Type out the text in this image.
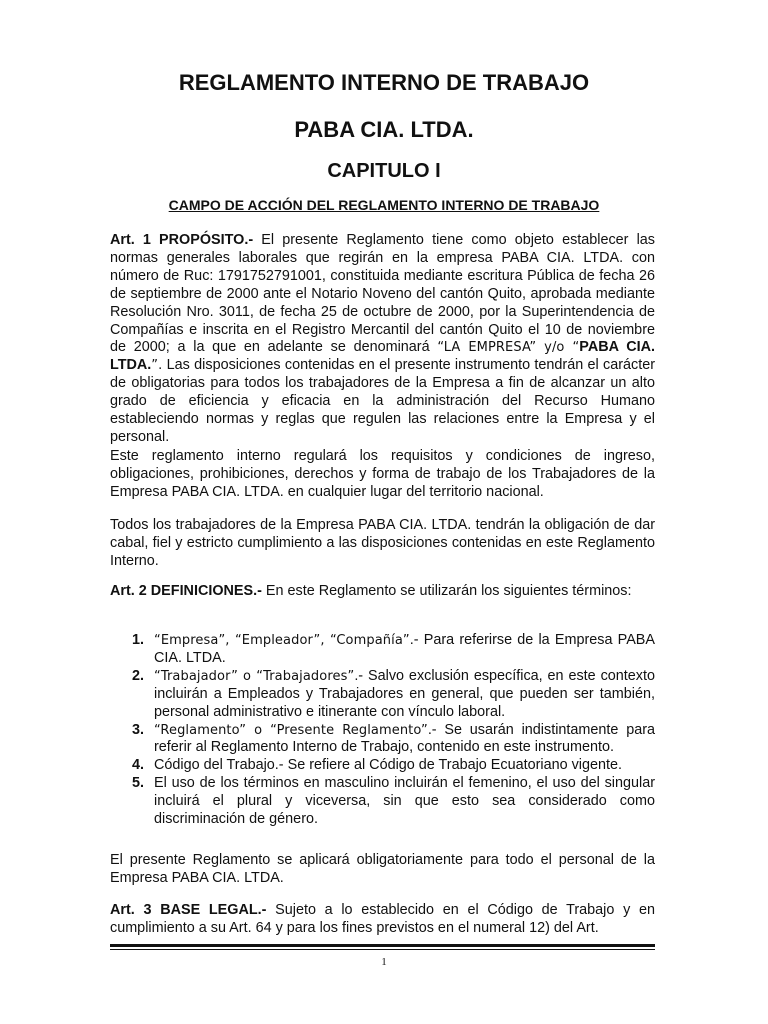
REGLAMENTO INTERNO DE TRABAJO
PABA CIA. LTDA.
CAPITULO I
CAMPO DE ACCIÓN DEL REGLAMENTO INTERNO DE TRABAJO

Art. 1 PROPÓSITO.- El presente Reglamento tiene como objeto establecer las normas generales laborales que regirán en la empresa PABA CIA. LTDA. con número de Ruc: 1791752791001, constituida mediante escritura Pública de fecha 26 de septiembre de 2000 ante el Notario Noveno del cantón Quito, aprobada mediante Resolución Nro. 3011, de fecha 25 de octubre de 2000, por la Superintendencia de Compañías e inscrita en el Registro Mercantil del cantón Quito el 10 de noviembre de 2000; a la que en adelante se denominará “LA EMPRESA” y/o “PABA CIA. LTDA.”. Las disposiciones contenidas en el presente instrumento tendrán el carácter de obligatorias para todos los trabajadores de la Empresa a fin de alcanzar un alto grado de eficiencia y eficacia en la administración del Recurso Humano estableciendo normas y reglas que regulen las relaciones entre la Empresa y el personal.

Este reglamento interno regulará los requisitos y condiciones de ingreso, obligaciones, prohibiciones, derechos y forma de trabajo de los Trabajadores de la Empresa PABA CIA. LTDA. en cualquier lugar del territorio nacional.

Todos los trabajadores de la Empresa PABA CIA. LTDA. tendrán la obligación de dar cabal, fiel y estricto cumplimiento a las disposiciones contenidas en este Reglamento Interno.

Art. 2 DEFINICIONES.- En este Reglamento se utilizarán los siguientes términos:

1. “Empresa”, “Empleador”, “Compañía”.- Para referirse de la Empresa PABA CIA. LTDA.

2. “Trabajador” o “Trabajadores”.- Salvo exclusión específica, en este contexto incluirán a Empleados y Trabajadores en general, que pueden ser también, personal administrativo e itinerante con vínculo laboral.

3. “Reglamento” o “Presente Reglamento”.- Se usarán indistintamente para referir al Reglamento Interno de Trabajo, contenido en este instrumento.

4. Código del Trabajo.- Se refiere al Código de Trabajo Ecuatoriano vigente.

5. El uso de los términos en masculino incluirán el femenino, el uso del singular incluirá el plural y viceversa, sin que esto sea considerado como discriminación de género.

El presente Reglamento se aplicará obligatoriamente para todo el personal de la Empresa PABA CIA. LTDA.

Art. 3 BASE LEGAL.- Sujeto a lo establecido en el Código de Trabajo y en cumplimiento a su Art. 64 y para los fines previstos en el numeral 12) del Art.

1
